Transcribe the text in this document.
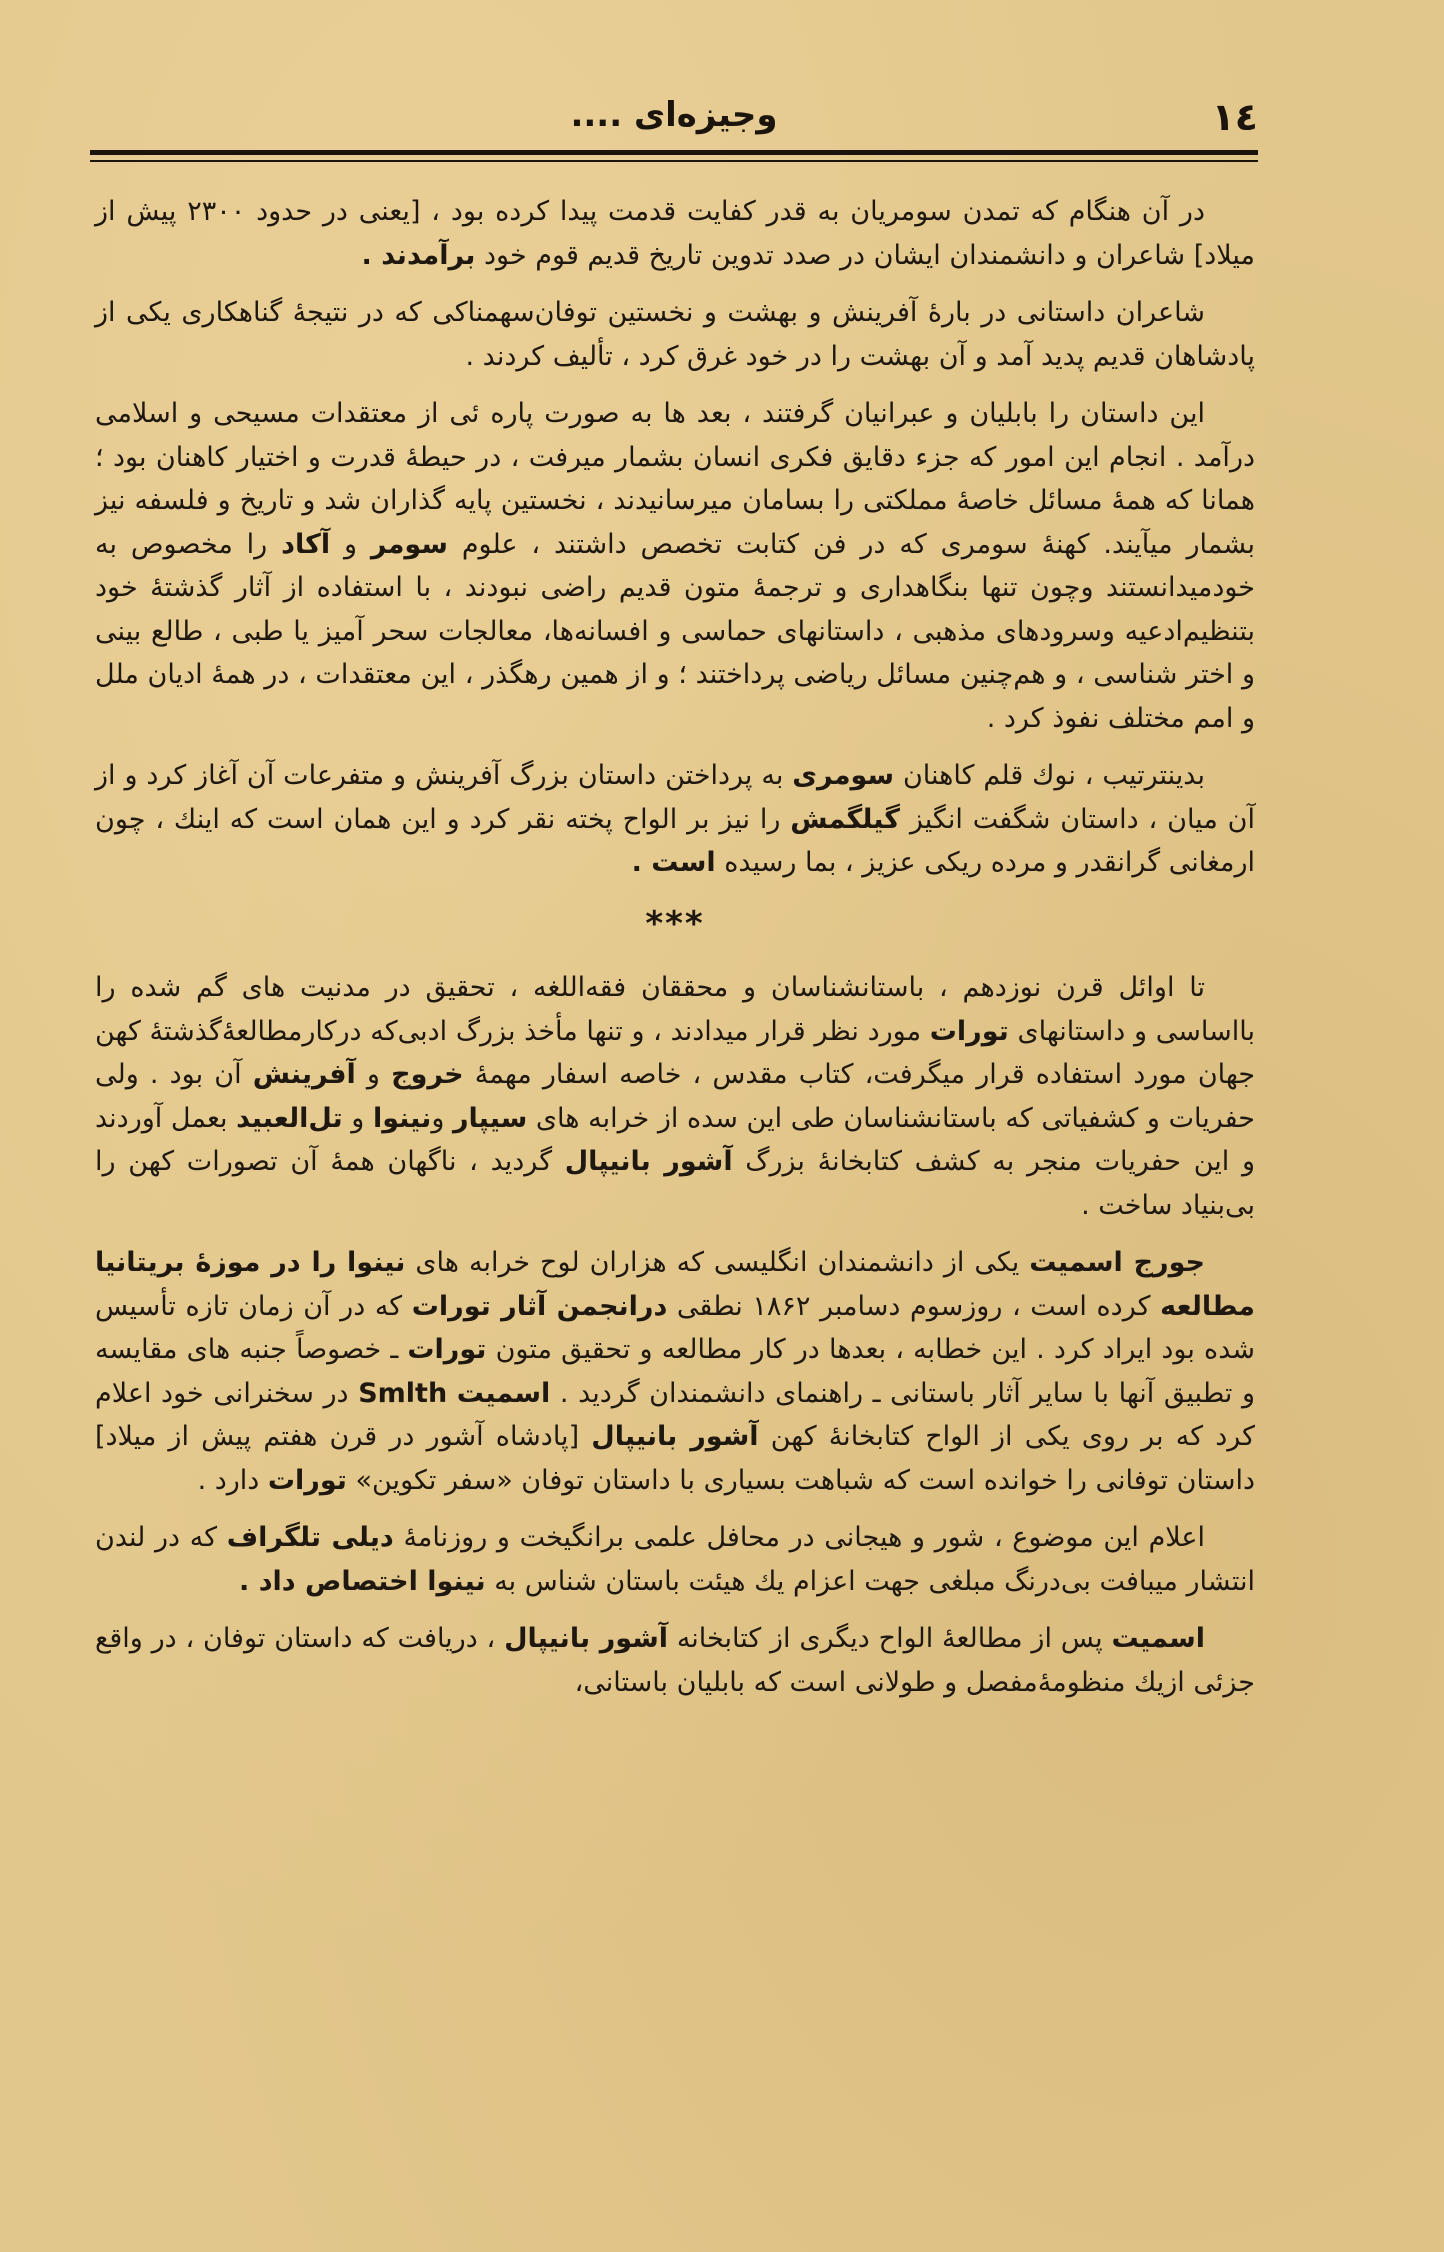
١٤
وجیزه‌ای ....

در آن هنگام که تمدن سومریان به قدر کفایت قدمت پیدا کرده بود ، [یعنی در حدود ۲۳۰۰ پیش از میلاد] شاعران و دانشمندان ایشان در صدد تدوین تاریخ قدیم قوم خود برآمدند .

شاعران داستانی در بارهٔ آفرینش و بهشت و نخستین توفان‌سهمناکی که در نتیجهٔ گناهکاری یکی از پادشاهان قدیم پدید آمد و آن بهشت را در خود غرق کرد ، تألیف کردند .

این داستان را بابلیان و عبرانیان گرفتند ، بعد ها به صورت پاره ئی از معتقدات مسیحی و اسلامی درآمد . انجام این امور که جزء دقایق فکری انسان بشمار میرفت ، در حیطهٔ قدرت و اختیار کاهنان بود ؛ همانا که همهٔ مسائل خاصهٔ مملکتی را بسامان میرسانیدند ، نخستین پایه گذاران شد و تاریخ و فلسفه نیز بشمار میآیند. کهنهٔ سومری که در فن کتابت تخصص داشتند ، علوم سومر و آکاد را مخصوص به خودمیدانستند وچون تنها بنگاهداری و ترجمهٔ متون قدیم راضی نبودند ، با استفاده از آثار گذشتهٔ خود بتنظیم‌ادعیه وسرودهای مذهبی ، داستانهای حماسی و افسانه‌ها، معالجات سحر آمیز یا طبی ، طالع بینی و اختر شناسی ، و هم‌چنین مسائل ریاضی پرداختند ؛ و از همین رهگذر ، این معتقدات ، در همهٔ ادیان ملل و امم مختلف نفوذ کرد .

بدینترتیب ، نوك قلم کاهنان سومری به پرداختن داستان بزرگ آفرینش و متفرعات آن آغاز کرد و از آن میان ، داستان شگفت انگیز گیلگمش را نیز بر الواح پخته نقر کرد و این همان است که اینك ، چون ارمغانی گرانقدر و مرده ریکی عزیز ، بما رسیده است .

***

تا اوائل قرن نوزدهم ، باستانشناسان و محققان فقه‌اللغه ، تحقیق در مدنیت های گم شده را بااساسی و داستانهای تورات مورد نظر قرار میدادند ، و تنها مأخذ بزرگ ادبی‌که درکارمطالعهٔ‌گذشتهٔ کهن جهان مورد استفاده قرار میگرفت، کتاب مقدس ، خاصه اسفار مهمهٔ خروج و آفرینش آن بود . ولی حفریات و کشفیاتی که باستانشناسان طی این سده از خرابه های سیپار ونینوا و تل‌العبید بعمل آوردند و این حفریات منجر به کشف کتابخانهٔ بزرگ آشور بانیپال گردید ، ناگهان همهٔ آن تصورات کهن را بی‌بنیاد ساخت .

جورج اسمیت یکی از دانشمندان انگلیسی که هزاران لوح خرابه های نینوا را در موزهٔ بریتانیا مطالعه کرده است ، روزسوم دسامبر ۱۸۶۲ نطقی درانجمن آثار تورات که در آن زمان تازه تأسیس شده بود ایراد کرد . این خطابه ، بعدها در کار مطالعه و تحقیق متون تورات ـ خصوصاً جنبه های مقایسه و تطبیق آنها با سایر آثار باستانی ـ راهنمای دانشمندان گردید . اسمیت Smlth در سخنرانی خود اعلام کرد که بر روی یکی از الواح کتابخانهٔ کهن آشور بانیپال [پادشاه آشور در قرن هفتم پیش از میلاد] داستان توفانی را خوانده است که شباهت بسیاری با داستان توفان «سفر تکوین» تورات دارد .

اعلام این موضوع ، شور و هیجانی در محافل علمی برانگیخت و روزنامهٔ دیلی تلگراف که در لندن انتشار میبافت بی‌درنگ مبلغی جهت اعزام یك هیئت باستان شناس به نینوا اختصاص داد .

اسمیت پس از مطالعهٔ الواح دیگری از کتابخانه آشور بانیپال ، دریافت که داستان توفان ، در واقع جزئی ازیك منظومهٔ‌مفصل و طولانی است که بابلیان باستانی،
